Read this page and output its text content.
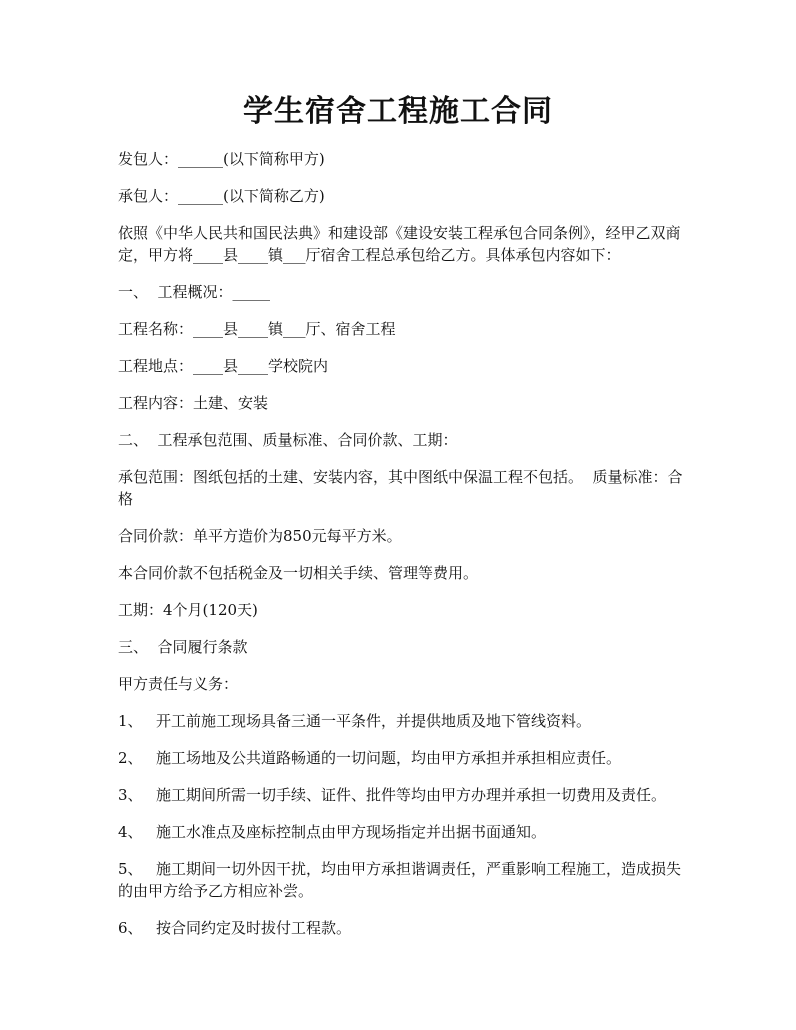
学生宿舍工程施工合同
发包人：______(以下简称甲方)
承包人：______(以下简称乙方)
依照《中华人民共和国民法典》和建设部《建设安装工程承包合同条例》，经甲乙双商定，甲方将____县____镇___厅宿舍工程总承包给乙方。具体承包内容如下：
一、  工程概况：_____
工程名称：____县____镇___厅、宿舍工程
工程地点：____县____学校院内
工程内容：土建、安装
二、  工程承包范围、质量标准、合同价款、工期：
承包范围：图纸包括的土建、安装内容，其中图纸中保温工程不包括。  质量标准：合格
合同价款：单平方造价为850元每平方米。
本合同价款不包括税金及一切相关手续、管理等费用。
工期：4个月(120天)
三、  合同履行条款
甲方责任与义务：
1、 开工前施工现场具备三通一平条件，并提供地质及地下管线资料。
2、 施工场地及公共道路畅通的一切问题，均由甲方承担并承担相应责任。
3、 施工期间所需一切手续、证件、批件等均由甲方办理并承担一切费用及责任。
4、 施工水准点及座标控制点由甲方现场指定并出据书面通知。
5、 施工期间一切外因干扰，均由甲方承担谐调责任，严重影响工程施工，造成损失的由甲方给予乙方相应补尝。
6、 按合同约定及时拔付工程款。
